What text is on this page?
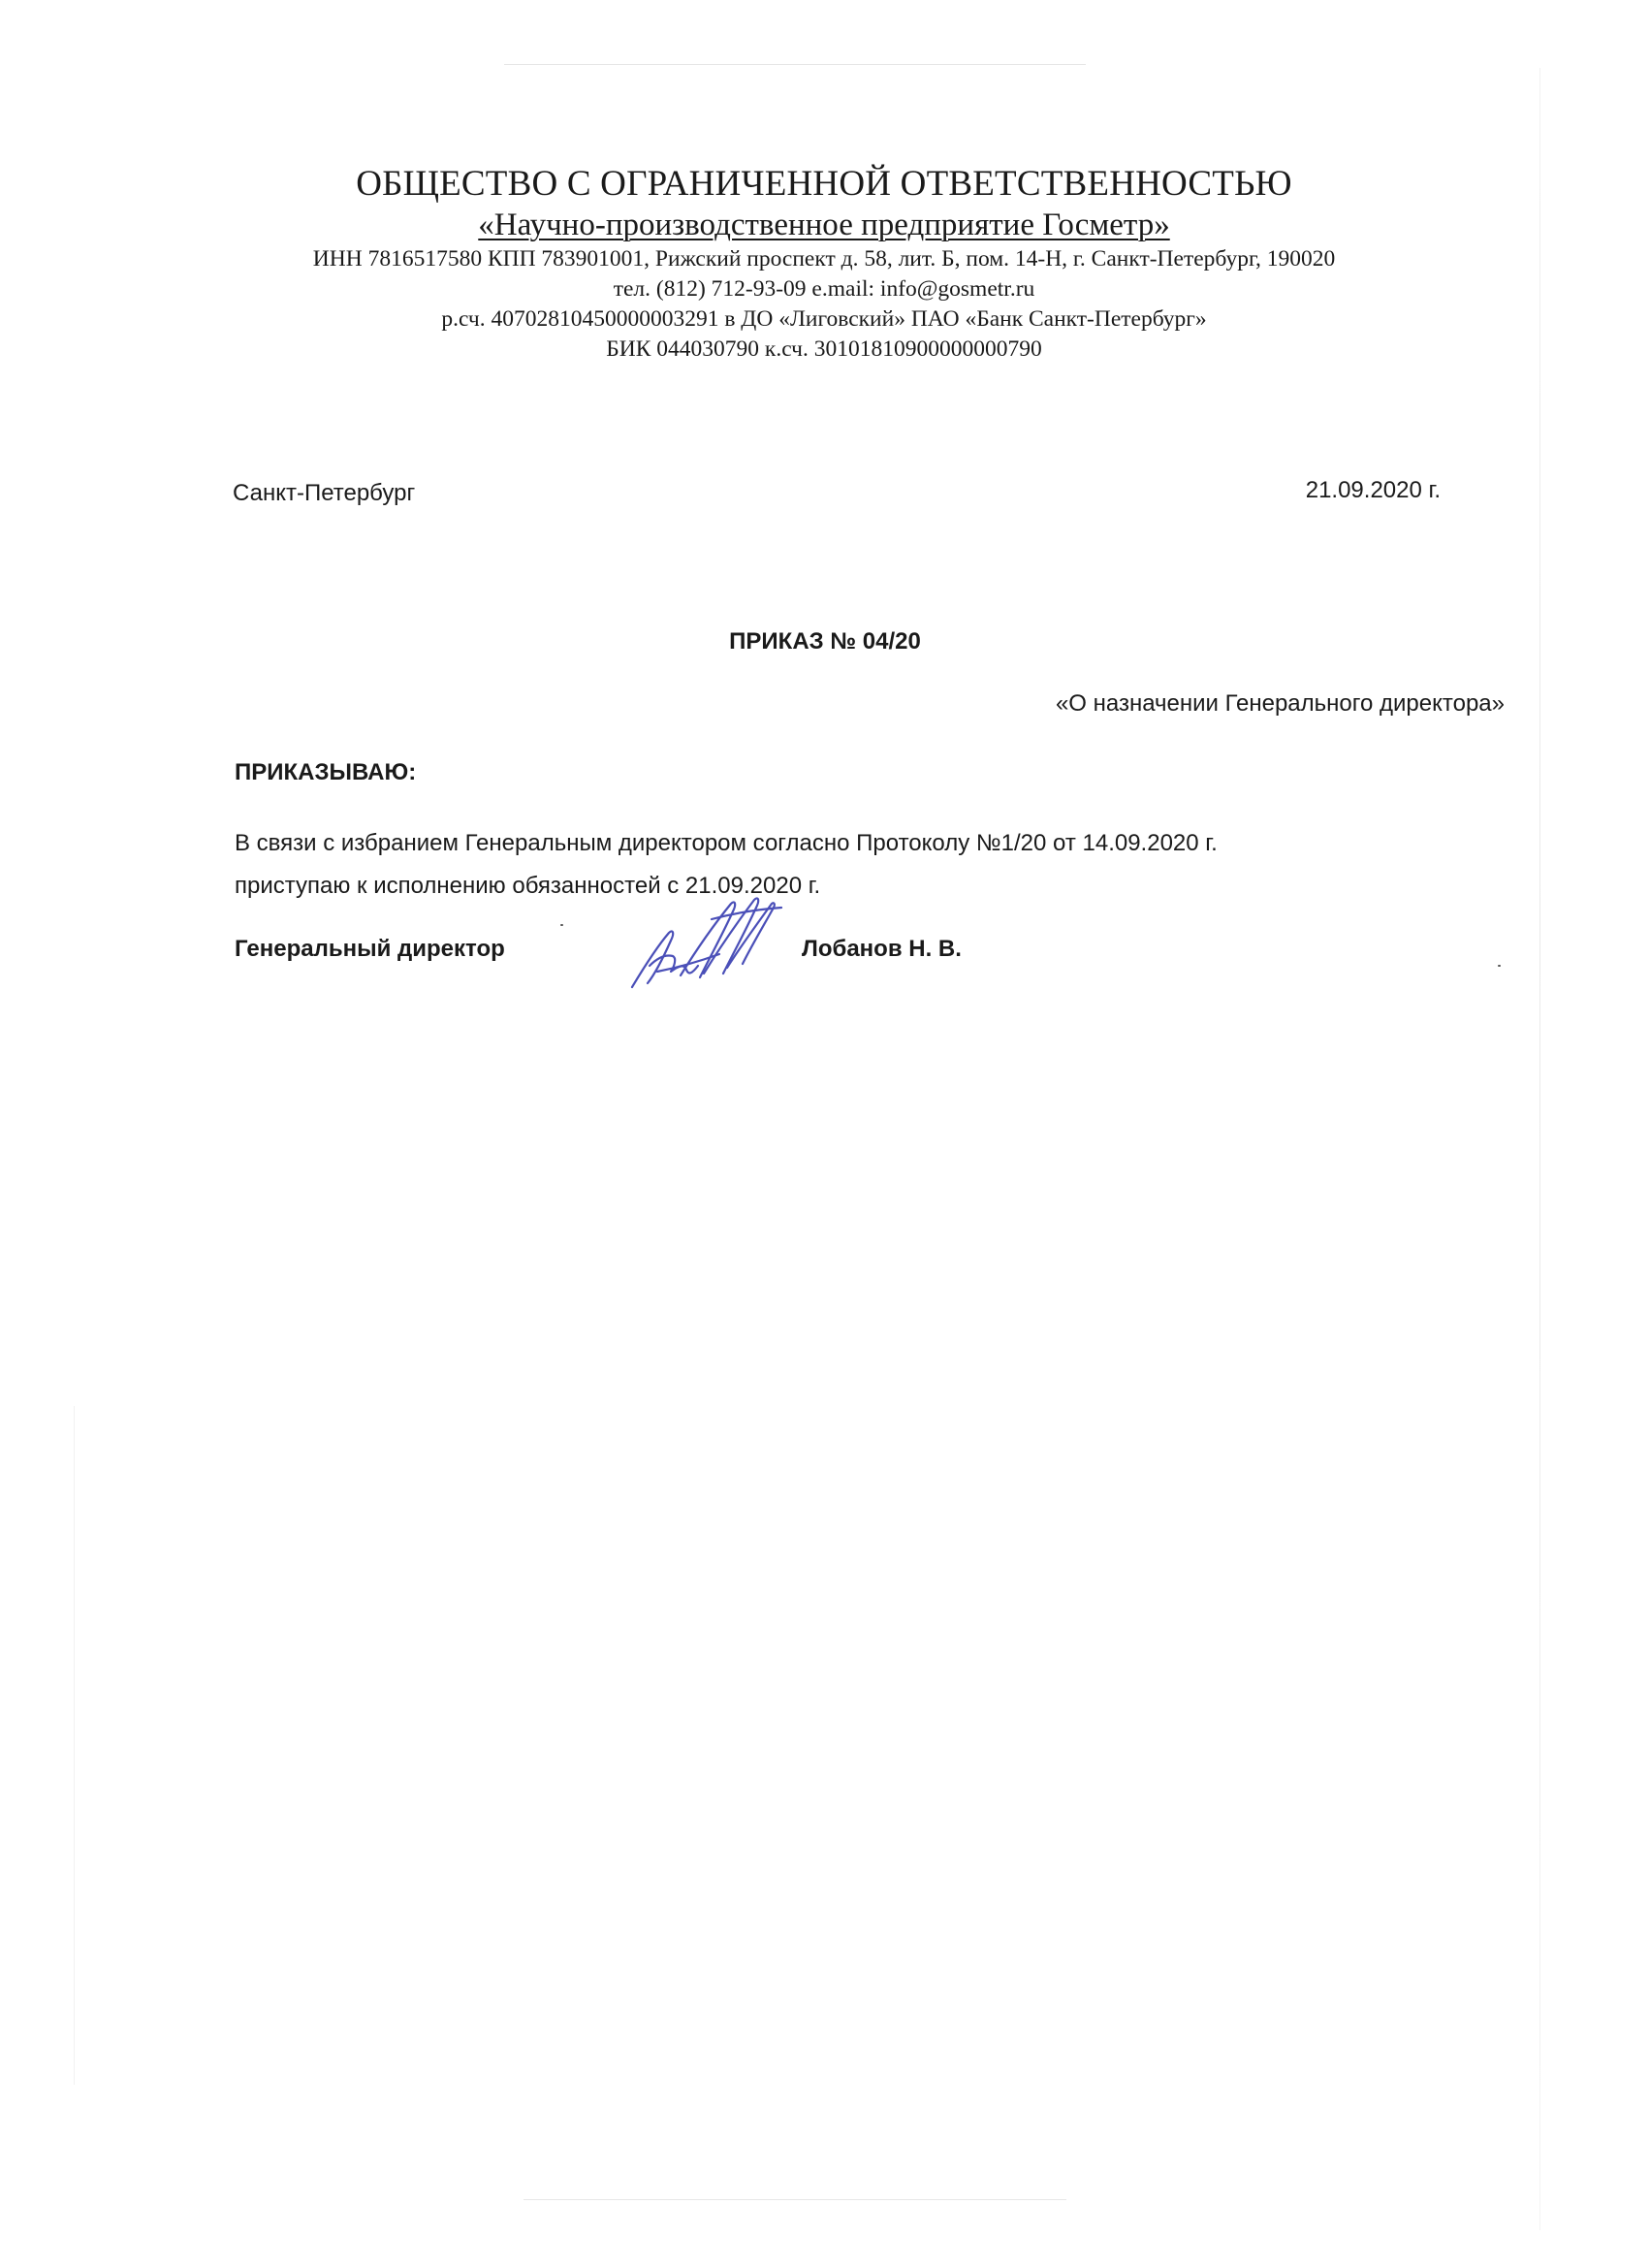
ОБЩЕСТВО С ОГРАНИЧЕННОЙ ОТВЕТСТВЕННОСТЬЮ
«Научно-производственное предприятие Госметр»
ИНН 7816517580 КПП 783901001, Рижский проспект д. 58, лит. Б, пом. 14-Н, г. Санкт-Петербург, 190020
тел. (812) 712-93-09 e.mail: info@gosmetr.ru
р.сч. 40702810450000003291 в ДО «Лиговский» ПАО «Банк Санкт-Петербург»
БИК 044030790 к.сч. 30101810900000000790
Санкт-Петербург	21.09.2020 г.
ПРИКАЗ № 04/20
«О назначении Генерального директора»
ПРИКАЗЫВАЮ:

В связи с избранием Генеральным директором согласно Протоколу №1/20 от 14.09.2020 г.

приступаю к исполнению обязанностей с 21.09.2020 г.

Генеральный директор	Лобанов Н. В.
